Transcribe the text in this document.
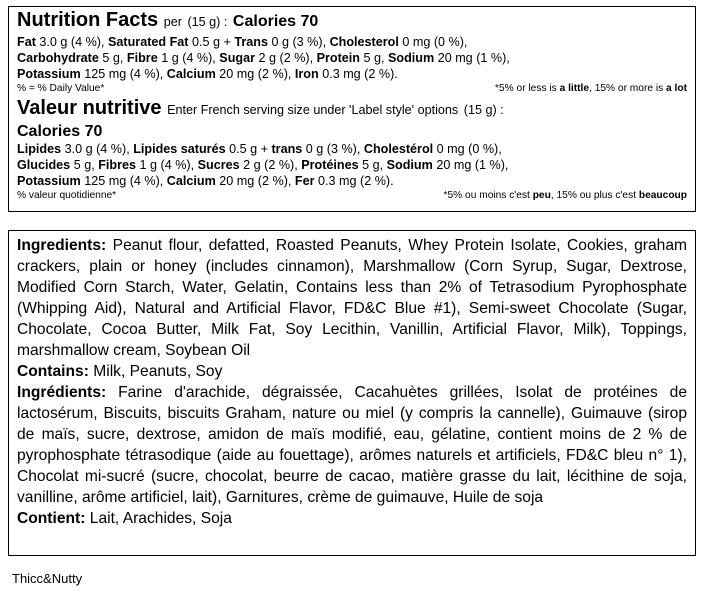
Nutrition Facts per (15 g) : Calories 70
Fat 3.0 g (4 %), Saturated Fat 0.5 g + Trans 0 g (3 %), Cholesterol 0 mg (0 %),
Carbohydrate 5 g, Fibre 1 g (4 %), Sugar 2 g (2 %), Protein 5 g, Sodium 20 mg (1 %),
Potassium 125 mg (4 %), Calcium 20 mg (2 %), Iron 0.3 mg (2 %).
% = % Daily Value*	*5% or less is a little, 15% or more is a lot
Valeur nutritive Enter French serving size under 'Label style' options (15 g) :
Calories 70
Lipides 3.0 g (4 %), Lipides saturés 0.5 g + trans 0 g (3 %), Cholestérol 0 mg (0 %),
Glucides 5 g, Fibres 1 g (4 %), Sucres 2 g (2 %), Protéines 5 g, Sodium 20 mg (1 %),
Potassium 125 mg (4 %), Calcium 20 mg (2 %), Fer 0.3 mg (2 %).
% valeur quotidienne*	*5% ou moins c'est peu, 15% ou plus c'est beaucoup
Ingredients: Peanut flour, defatted, Roasted Peanuts, Whey Protein Isolate, Cookies, graham crackers, plain or honey (includes cinnamon), Marshmallow (Corn Syrup, Sugar, Dextrose, Modified Corn Starch, Water, Gelatin, Contains less than 2% of Tetrasodium Pyrophosphate (Whipping Aid), Natural and Artificial Flavor, FD&C Blue #1), Semi-sweet Chocolate (Sugar, Chocolate, Cocoa Butter, Milk Fat, Soy Lecithin, Vanillin, Artificial Flavor, Milk), Toppings, marshmallow cream, Soybean Oil
Contains: Milk, Peanuts, Soy
Ingrédients: Farine d'arachide, dégraissée, Cacahuètes grillées, Isolat de protéines de lactosérum, Biscuits, biscuits Graham, nature ou miel (y compris la cannelle), Guimauve (sirop de maïs, sucre, dextrose, amidon de maïs modifié, eau, gélatine, contient moins de 2 % de pyrophosphate tétrasodique (aide au fouettage), arômes naturels et artificiels, FD&C bleu n° 1), Chocolat mi-sucré (sucre, chocolat, beurre de cacao, matière grasse du lait, lécithine de soja, vanilline, arôme artificiel, lait), Garnitures, crème de guimauve, Huile de soja
Contient: Lait, Arachides, Soja
Thicc&Nutty
